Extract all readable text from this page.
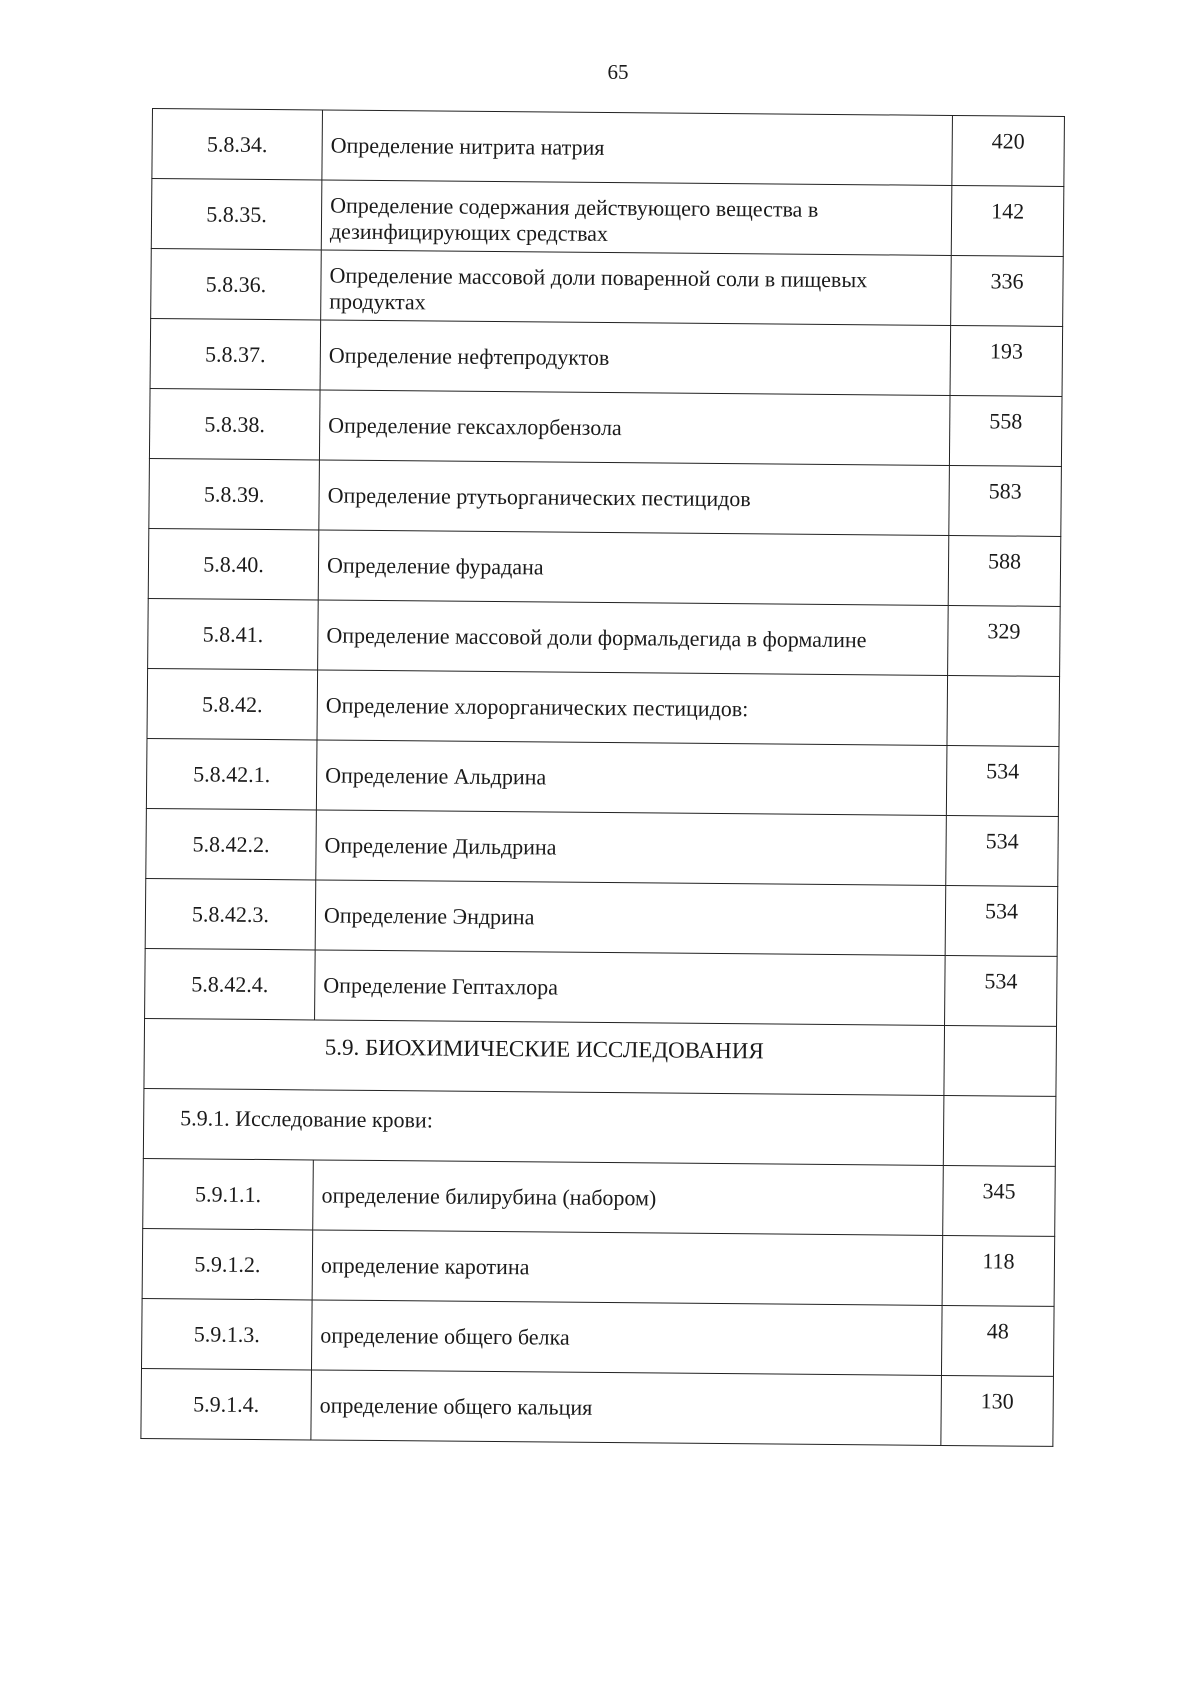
65
5.8.34.	Определение нитрита натрия	420
5.8.35.	Определение содержания действующего вещества в дезинфицирующих средствах	142
5.8.36.	Определение массовой доли поваренной соли в пищевых продуктах	336
5.8.37.	Определение нефтепродуктов	193
5.8.38.	Определение гексахлорбензола	558
5.8.39.	Определение ртутьорганических пестицидов	583
5.8.40.	Определение фурадана	588
5.8.41.	Определение массовой доли формальдегида в формалине	329
5.8.42.	Определение хлорорганических пестицидов:	
5.8.42.1.	Определение Альдрина	534
5.8.42.2.	Определение Дильдрина	534
5.8.42.3.	Определение Эндрина	534
5.8.42.4.	Определение Гептахлора	534
5.9. БИОХИМИЧЕСКИЕ ИССЛЕДОВАНИЯ		
5.9.1. Исследование крови:		
5.9.1.1.	определение билирубина (набором)	345
5.9.1.2.	определение каротина	118
5.9.1.3.	определение общего белка	48
5.9.1.4.	определение общего кальция	130
